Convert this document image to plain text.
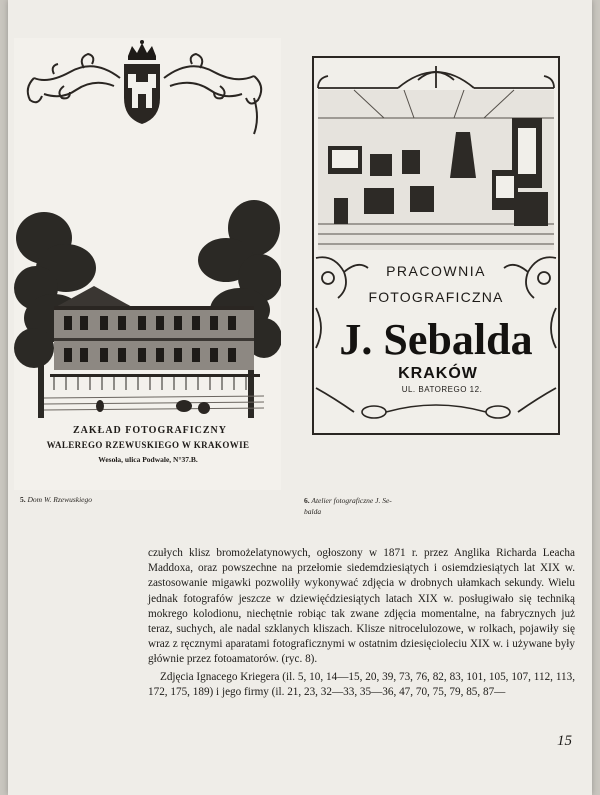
ZAKŁAD FOTOGRAFICZNY
WALEREGO RZEWUSKIEGO W KRAKOWIE
Wesoła, ulica Podwale, N°37.B.
PRACOWNIA
FOTOGRAFICZNA
J. Sebalda
KRAKÓW
UL. BATOREGO 12.
5. Dom W. Rzewuskiego	6. Atelier fotograficzne J. Se-
balda

czułych klisz bromożelatynowych, ogłoszony w 1871 r. przez Anglika Richarda Leacha Maddoxa, oraz powszechne na przełomie siedemdziesiątych i osiemdziesiątych lat XIX w. zastosowanie migawki pozwoliły wykonywać zdjęcia w drobnych ułamkach sekundy. Wielu jednak fotografów jeszcze w dziewięćdziesiątych latach XIX w. posługiwało się techniką mokrego kolodionu, niechętnie robiąc tak zwane zdjęcia momentalne, na fabrycznych już teraz, suchych, ale nadal szklanych kliszach. Klisze nitrocelulozowe, w rolkach, pojawiły się wraz z ręcznymi aparatami fotograficznymi w ostatnim dziesięcioleciu XIX w. i używane były głównie przez fotoamatorów. (ryc. 8).

Zdjęcia Ignacego Kriegera (il. 5, 10, 14—15, 20, 39, 73, 76, 82, 83, 101, 105, 107, 112, 113, 172, 175, 189) i jego firmy (il. 21, 23, 32—33, 35—36, 47, 70, 75, 79, 85, 87—

15
